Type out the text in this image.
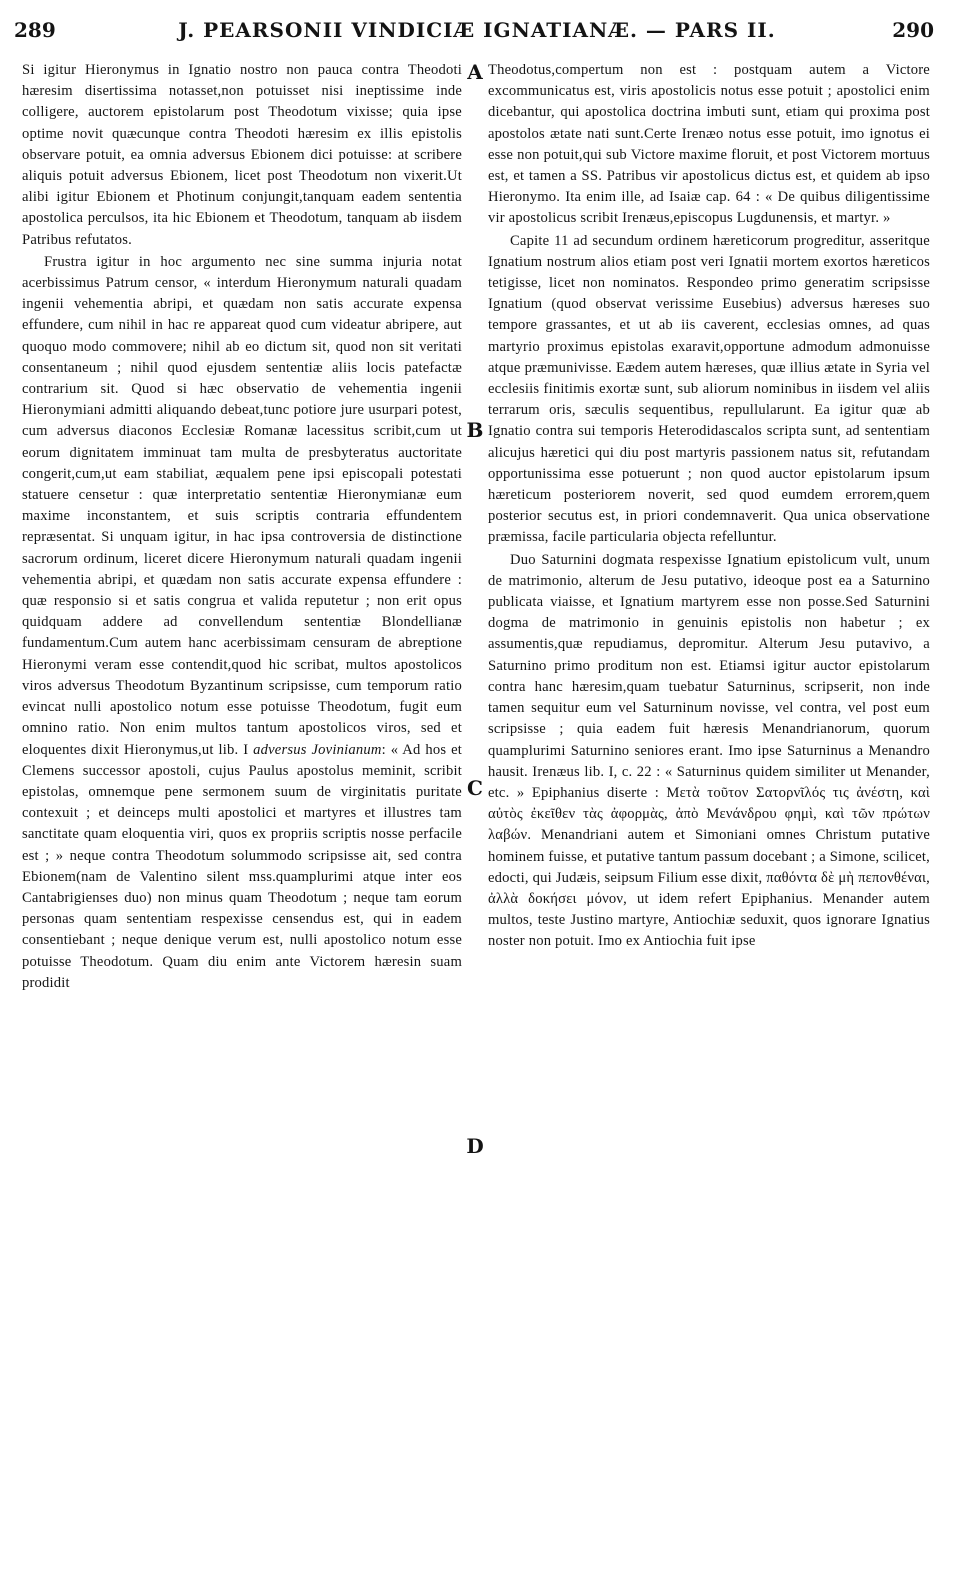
289	J. PEARSONII VINDICIÆ IGNATIANÆ. — PARS II.	290

Si igitur Hieronymus in Ignatio nostro non pauca contra Theodoti hæresim disertissima notasset,non potuisset nisi ineptissime inde colligere, auctorem epistolarum post Theodotum vixisse; quia ipse optime novit quæcunque contra Theodoti hæresim ex illis epistolis observare potuit, ea omnia adversus Ebionem dici potuisse: at scribere aliquis potuit adversus Ebionem, licet post Theodotum non vixerit.Ut alibi igitur Ebionem et Photinum conjungit,tanquam eadem sententia apostolica perculsos, ita hic Ebionem et Theodotum, tanquam ab iisdem Patribus refutatos.

Frustra igitur in hoc argumento nec sine summa injuria notat acerbissimus Patrum censor, « interdum Hieronymum naturali quadam ingenii vehementia abripi, et quædam non satis accurate expensa effundere, cum nihil in hac re appareat quod cum videatur abripere, aut quoquo modo commovere; nihil ab eo dictum sit, quod non sit veritati consentaneum ; nihil quod ejusdem sententiæ aliis locis patefactæ contrarium sit. Quod si hæc observatio de vehementia ingenii Hieronymiani admitti aliquando debeat,tunc potiore jure usurpari potest, cum adversus diaconos Ecclesiæ Romanæ lacessitus scribit,cum ut eorum dignitatem imminuat tam multa de presbyteratus auctoritate congerit,cum,ut eam stabiliat, æqualem pene ipsi episcopali potestati statuere censetur : quæ interpretatio sententiæ Hieronymianæ eum maxime inconstantem, et suis scriptis contraria effundentem repræsentat. Si unquam igitur, in hac ipsa controversia de distinctione sacrorum ordinum, liceret dicere Hieronymum naturali quadam ingenii vehementia abripi, et quædam non satis accurate expensa effundere : quæ responsio si et satis congrua et valida reputetur ; non erit opus quidquam addere ad convellendum sententiæ Blondellianæ fundamentum.Cum autem hanc acerbissimam censuram de abreptione Hieronymi veram esse contendit,quod hic scribat, multos apostolicos viros adversus Theodotum Byzantinum scripsisse, cum temporum ratio evincat nulli apostolico notum esse potuisse Theodotum, fugit eum omnino ratio. Non enim multos tantum apostolicos viros, sed et eloquentes dixit Hieronymus,ut lib. I adversus Jovinianum: « Ad hos et Clemens successor apostoli, cujus Paulus apostolus meminit, scribit epistolas, omnemque pene sermonem suum de virginitatis puritate contexuit ; et deinceps multi apostolici et martyres et illustres tam sanctitate quam eloquentia viri, quos ex propriis scriptis nosse perfacile est ; » neque contra Theodotum solummodo scripsisse ait, sed contra Ebionem(nam de Valentino silent mss.quamplurimi atque inter eos Cantabrigienses duo) non minus quam Theodotum ; neque tam eorum personas quam sententiam respexisse censendus est, qui in eadem consentiebant ; neque denique verum est, nulli apostolico notum esse potuisse Theodotum. Quam diu enim ante Victorem hæresin suam prodidit

A
B
C
D

Theodotus,compertum non est : postquam autem a Victore excommunicatus est, viris apostolicis notus esse potuit ; apostolici enim dicebantur, qui apostolica doctrina imbuti sunt, etiam qui proxima post apostolos ætate nati sunt.Certe Irenæo notus esse potuit, imo ignotus ei esse non potuit,qui sub Victore maxime floruit, et post Victorem mortuus est, et tamen a SS. Patribus vir apostolicus dictus est, et quidem ab ipso Hieronymo. Ita enim ille, ad Isaiæ cap. 64 : « De quibus diligentissime vir apostolicus scribit Irenæus,episcopus Lugdunensis, et martyr. »

Capite 11 ad secundum ordinem hæreticorum progreditur, asseritque Ignatium nostrum alios etiam post veri Ignatii mortem exortos hæreticos tetigisse, licet non nominatos. Respondeo primo generatim scripsisse Ignatium (quod observat verissime Eusebius) adversus hæreses suo tempore grassantes, et ut ab iis caverent, ecclesias omnes, ad quas martyrio proximus epistolas exaravit,opportune admodum admonuisse atque præmunivisse. Eædem autem hæreses, quæ illius ætate in Syria vel ecclesiis finitimis exortæ sunt, sub aliorum nominibus in iisdem vel aliis terrarum oris, sæculis sequentibus, repullularunt. Ea igitur quæ ab Ignatio contra sui temporis Heterodidascalos scripta sunt, ad sententiam alicujus hæretici qui diu post martyris passionem natus sit, refutandam opportunissima esse potuerunt ; non quod auctor epistolarum ipsum hæreticum posteriorem noverit, sed quod eumdem errorem,quem posterior secutus est, in priori condemnaverit. Qua unica observatione præmissa, facile particularia objecta refelluntur.

Duo Saturnini dogmata respexisse Ignatium epistolicum vult, unum de matrimonio, alterum de Jesu putativo, ideoque post ea a Saturnino publicata viaisse, et Ignatium martyrem esse non posse.Sed Saturnini dogma de matrimonio in genuinis epistolis non habetur ; ex assumentis,quæ repudiamus, depromitur. Alterum Jesu putavivo, a Saturnino primo proditum non est. Etiamsi igitur auctor epistolarum contra hanc hæresim,quam tuebatur Saturninus, scripserit, non inde tamen sequitur eum vel Saturninum novisse, vel contra, vel post eum scripsisse ; quia eadem fuit hæresis Menandrianorum, quorum quamplurimi Saturnino seniores erant. Imo ipse Saturninus a Menandro hausit. Irenæus lib. I, c. 22 : « Saturninus quidem similiter ut Menander, etc. » Epiphanius diserte : Μετὰ τοῦτον Σατορνῖλός τις ἀνέστη, καὶ αὐτὸς ἐκεῖθεν τὰς ἀφορμὰς, ἀπὸ Μενάνδρου φημὶ, καὶ τῶν πρώτων λαβών. Menandriani autem et Simoniani omnes Christum putative hominem fuisse, et putative tantum passum docebant ; a Simone, scilicet, edocti, qui Judæis, seipsum Filium esse dixit, παθόντα δὲ μὴ πεπονθέναι, ἀλλὰ δοκήσει μόνον, ut idem refert Epiphanius. Menander autem multos, teste Justino martyre, Antiochiæ seduxit, quos ignorare Ignatius noster non potuit. Imo ex Antiochia fuit ipse
